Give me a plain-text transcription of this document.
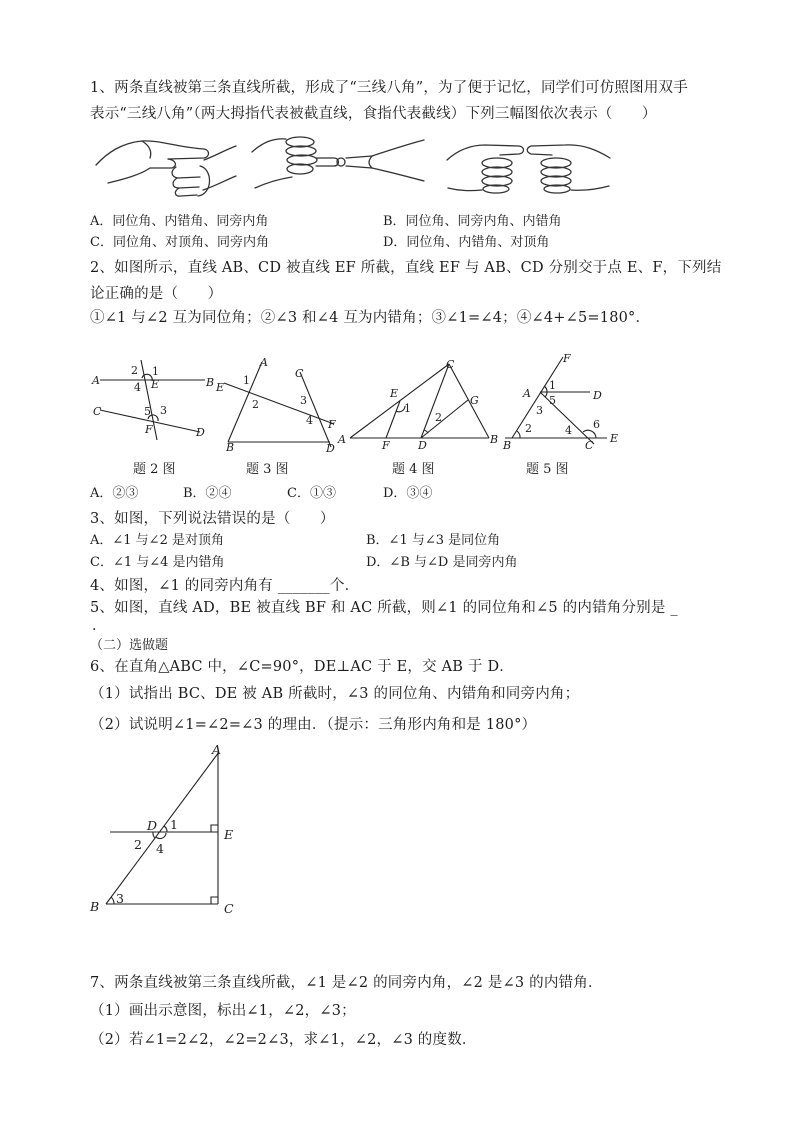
1、两条直线被第三条直线所截，形成了“三线八角”，为了便于记忆，同学们可仿照图用双手
表示“三线八角”（两大拇指代表被截直线，食指代表截线）下列三幅图依次表示（　　）
A．同位角、内错角、同旁内角	B．同位角、同旁内角、内错角
C．同位角、对顶角、同旁内角	D．同位角、内错角、对顶角
2、如图所示，直线 AB、CD 被直线 EF 所截，直线 EF 与 AB、CD 分别交于点 E、F，下列结
论正确的是（　　）
①∠1 与∠2 互为同位角；②∠3 和∠4 互为内错角；③∠1=∠4；④∠4+∠5=180°．
题 2 图	题 3 图	题 4 图	题 5 图
A．②③	B．②④	C．①③	D．③④
3、如图，下列说法错误的是（　　）
A．∠1 与∠2 是对顶角	B．∠1 与∠3 是同位角
C．∠1 与∠4 是内错角	D．∠B 与∠D 是同旁内角
4、如图，∠1 的同旁内角有 _______个．
5、如图，直线 AD，BE 被直线 BF 和 AC 所截，则∠1 的同位角和∠5 的内错角分别是 _
．
（二）选做题
6、在直角△ABC 中，∠C=90°，DE⊥AC 于 E，交 AB 于 D．
（1）试指出 BC、DE 被 AB 所截时，∠3 的同位角、内错角和同旁内角；
（2）试说明∠1=∠2=∠3 的理由．（提示：三角形内角和是 180°）
7、两条直线被第三条直线所截，∠1 是∠2 的同旁内角，∠2 是∠3 的内错角．
（1）画出示意图，标出∠1，∠2，∠3；
（2）若∠1=2∠2，∠2=2∠3，求∠1，∠2，∠3 的度数．
A	B
C
D
E
F
1
2
3
4
5
A
B
C
D
E
F
1
2	3
4
A	B
C
D
E
F
G
1
2
A
B	C
D
E
F
1
2
3
4
5
6
A
B	C
D
E
1
2
3
4
